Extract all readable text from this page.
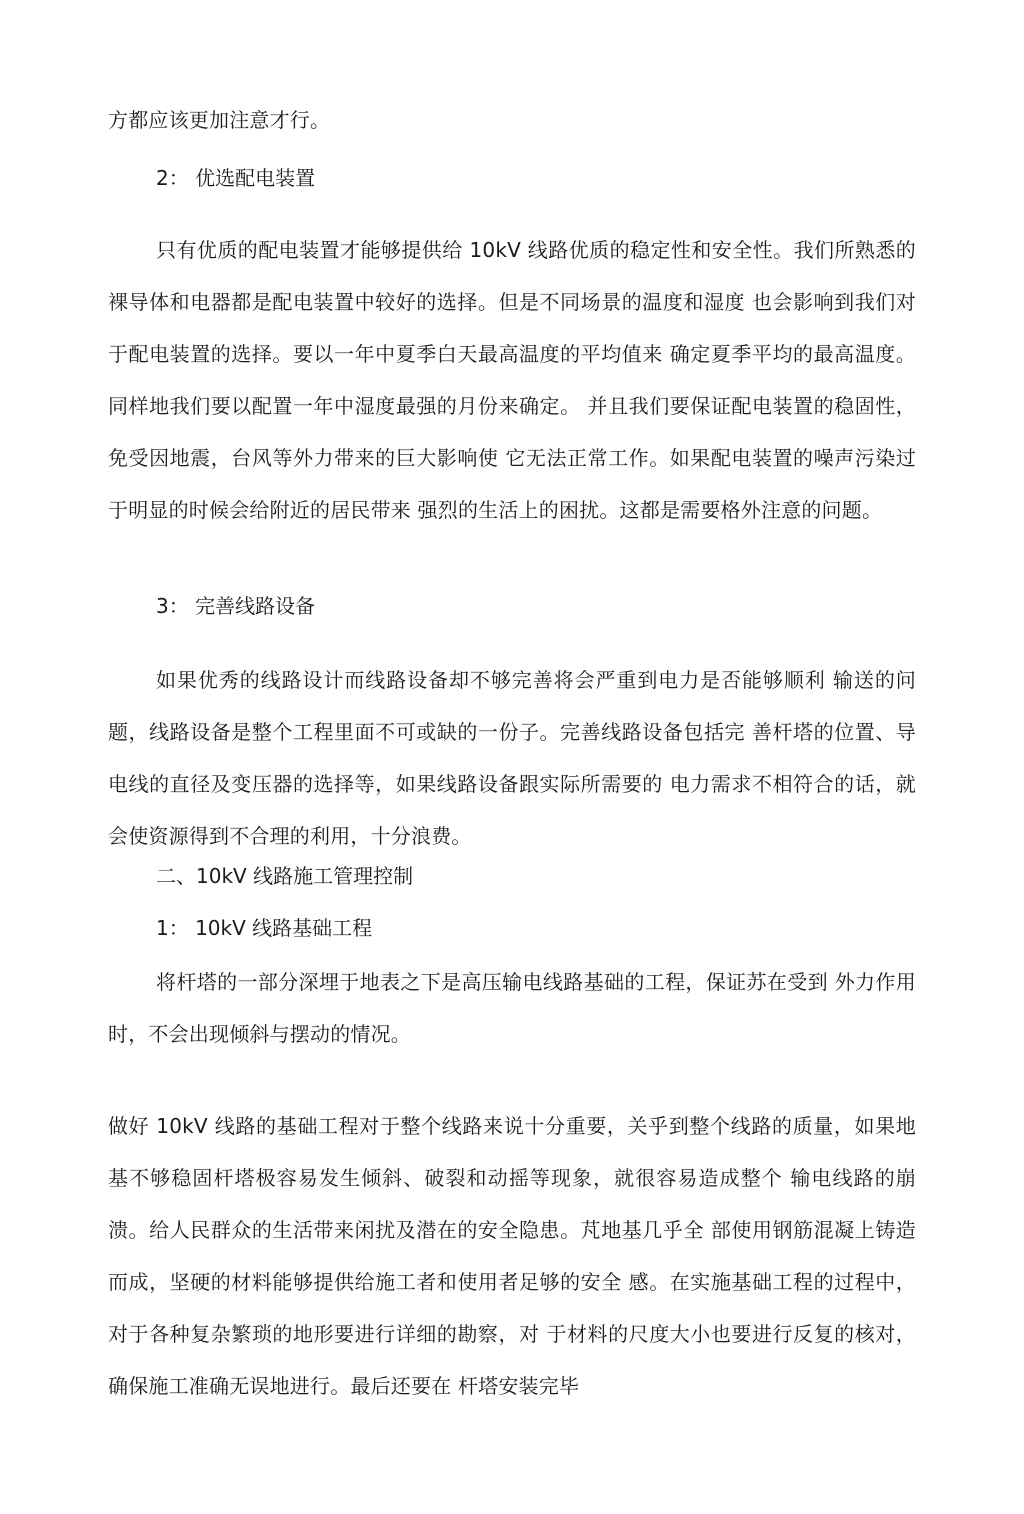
方都应该更加注意才行。

2： 优选配电装置

只有优质的配电装置才能够提供给 10kV 线路优质的稳定性和安全性。我们所熟悉的裸导体和电器都是配电装置中较好的选择。但是不同场景的温度和湿度 也会影响到我们对于配电装置的选择。要以一年中夏季白天最高温度的平均值来 确定夏季平均的最高温度。同样地我们要以配置一年中湿度最强的月份来确定。 并且我们要保证配电装置的稳固性，免受因地震，台风等外力带来的巨大影响使 它无法正常工作。如果配电装置的噪声污染过于明显的时候会给附近的居民带来 强烈的生活上的困扰。这都是需要格外注意的问题。

3： 完善线路设备

如果优秀的线路设计而线路设备却不够完善将会严重到电力是否能够顺利 输送的问题，线路设备是整个工程里面不可或缺的一份子。完善线路设备包括完 善杆塔的位置、导电线的直径及变压器的选择等，如果线路设备跟实际所需要的 电力需求不相符合的话，就会使资源得到不合理的利用，十分浪费。

二、10kV 线路施工管理控制

1： 10kV 线路基础工程

将杆塔的一部分深埋于地表之下是高压输电线路基础的工程，保证苏在受到 外力作用时，不会出现倾斜与摆动的情况。

做好 10kV 线路的基础工程对于整个线路来说十分重要，关乎到整个线路的质量，如果地基不够稳固杆塔极容易发生倾斜、破裂和动摇等现象，就很容易造成整个 输电线路的崩溃。给人民群众的生活带来闲扰及潜在的安全隐患。芃地基几乎全 部使用钢筋混凝上铸造而成，坚硬的材料能够提供给施工者和使用者足够的安全 感。在实施基础工程的过程中，对于各种复杂繁琐的地形要进行详细的勘察，对 于材料的尺度大小也要进行反复的核对，确保施工准确无误地进行。最后还要在 杆塔安装完毕
